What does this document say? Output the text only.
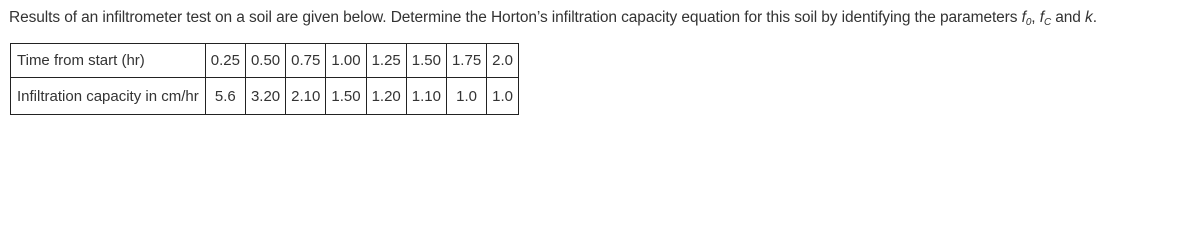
Results of an infiltrometer test on a soil are given below. Determine the Horton’s infiltration capacity equation for this soil by identifying the parameters $f_0$, $f_C$ and k.
Time from start (hr)	0.25	0.50	0.75	1.00	1.25	1.50	1.75	2.0
Infiltration capacity in cm/hr	5.6	3.20	2.10	1.50	1.20	1.10	1.0	1.0
